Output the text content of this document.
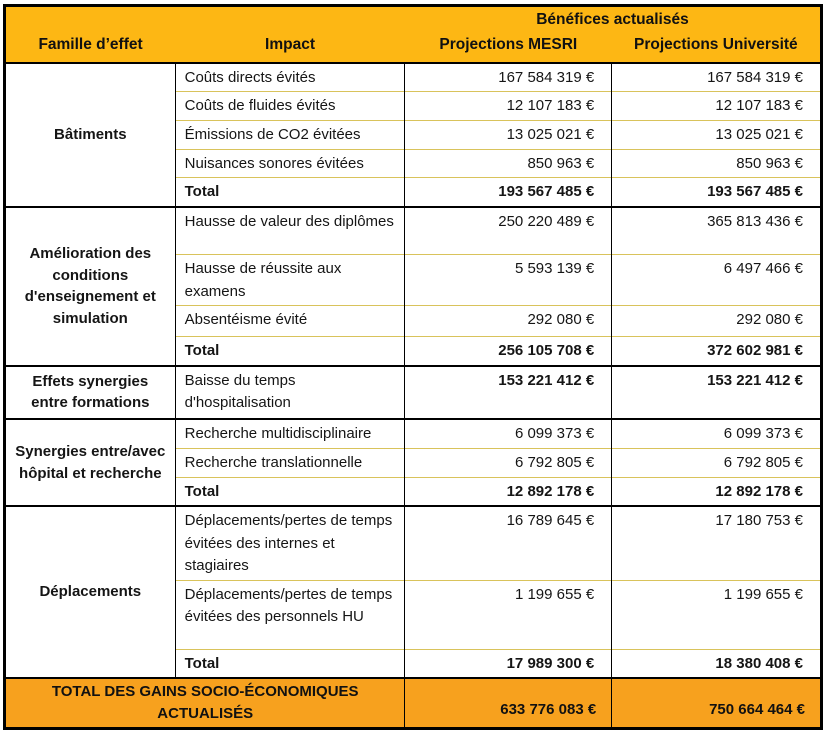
		Bénéfices actualisés	
Famille d’effet	Impact	Projections MESRI	Projections Université
Bâtiments	Coûts directs évités	167 584 319 €	167 584 319 €
	Coûts de fluides évités	12 107 183 €	12 107 183 €
	Émissions de CO2 évitées	13 025 021 €	13 025 021 €
	Nuisances sonores évitées	850 963 €	850 963 €
	Total	193 567 485 €	193 567 485 €
Amélioration des conditions d'enseignement et simulation	Hausse de valeur des diplômes	250 220 489 €	365 813 436 €
	Hausse de réussite aux examens	5 593 139 €	6 497 466 €
	Absentéisme évité	292 080 €	292 080 €
	Total	256 105 708 €	372 602 981 €
Effets synergies entre formations	Baisse du temps d'hospitalisation	153 221 412 €	153 221 412 €
Synergies entre/avec hôpital et recherche	Recherche multidisciplinaire	6 099 373 €	6 099 373 €
	Recherche translationnelle	6 792 805 €	6 792 805 €
	Total	12 892 178 €	12 892 178 €
Déplacements	Déplacements/pertes de temps évitées des internes et stagiaires	16 789 645 €	17 180 753 €
	Déplacements/pertes de temps évitées des personnels HU	1 199 655 €	1 199 655 €
	Total	17 989 300 €	18 380 408 €
TOTAL DES GAINS SOCIO-ÉCONOMIQUES ACTUALISÉS		633 776 083 €	750 664 464 €
